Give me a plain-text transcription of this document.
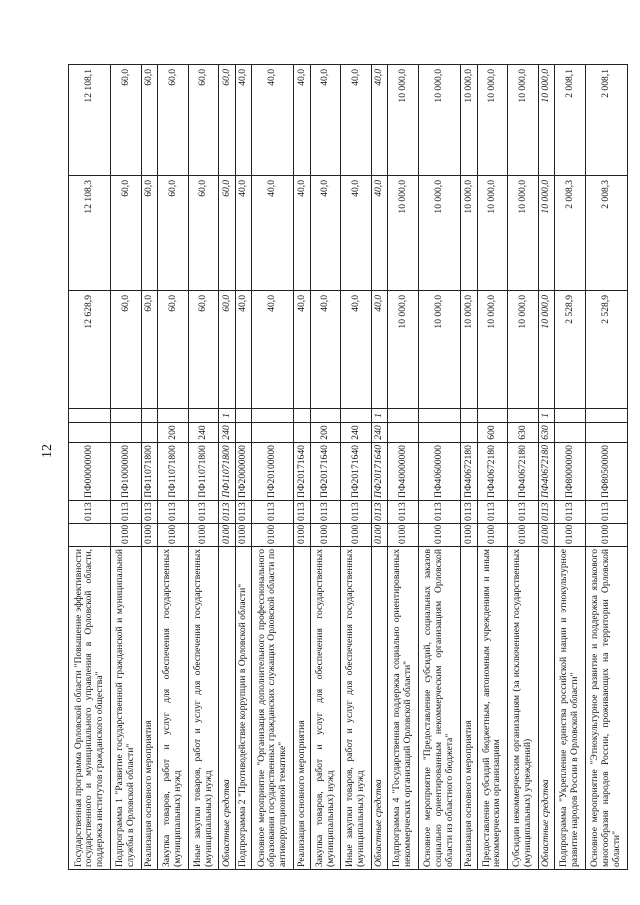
12
Государственная программа Орловской области "Повышение эффективности государственного и муниципального управления в Орловской области, поддержка институтов гражданского общества"		0113	ПФ00000000			12 628,9	12 108,3	12 108,1
Подпрограмма 1 "Развитие государственной гражданской и муниципальной службы в Орловской области"	0100	0113	ПФ10000000			60,0	60,0	60,0
Реализация основного мероприятия	0100	0113	ПФ11071800			60,0	60,0	60,0
Закупка товаров, работ и услуг для обеспечения государственных (муниципальных) нужд	0100	0113	ПФ11071800	200		60,0	60,0	60,0
Иные закупки товаров, работ и услуг для обеспечения государственных (муниципальных) нужд	0100	0113	ПФ11071800	240		60,0	60,0	60,0
Областные средства	0100	0113	ПФ11071800	240	1	60,0	60,0	60,0
Подпрограмма 2 "Противодействие коррупции в Орловской области"	0100	0113	ПФ20000000			40,0	40,0	40,0
Основное мероприятие "Организация дополнительного профессионального образования государственных гражданских служащих Орловской области по антикоррупционной тематике"	0100	0113	ПФ20100000			40,0	40,0	40,0
Реализация основного мероприятия	0100	0113	ПФ20171640			40,0	40,0	40,0
Закупка товаров, работ и услуг для обеспечения государственных (муниципальных) нужд	0100	0113	ПФ20171640	200		40,0	40,0	40,0
Иные закупки товаров, работ и услуг для обеспечения государственных (муниципальных) нужд	0100	0113	ПФ20171640	240		40,0	40,0	40,0
Областные средства	0100	0113	ПФ20171640	240	1	40,0	40,0	40,0
Подпрограмма 4 "Государственная поддержка социально ориентированных некоммерческих организаций Орловской области"	0100	0113	ПФ40000000			10 000,0	10 000,0	10 000,0
Основное мероприятие "Предоставление субсидий, социальных заказов социально ориентированным некоммерческим организациям Орловской области из областного бюджета"	0100	0113	ПФ40600000			10 000,0	10 000,0	10 000,0
Реализация основного мероприятия	0100	0113	ПФ40672180			10 000,0	10 000,0	10 000,0
Предоставление субсидий бюджетным, автономным учреждениям и иным некоммерческим организациям	0100	0113	ПФ40672180	600		10 000,0	10 000,0	10 000,0
Субсидии некоммерческим организациям (за исключением государственных (муниципальных) учреждений)	0100	0113	ПФ40672180	630		10 000,0	10 000,0	10 000,0
Областные средства	0100	0113	ПФ40672180	630	1	10 000,0	10 000,0	10 000,0
Подпрограмма "Укрепление единства российской нации и этнокультурное развитие народов России в Орловской области"	0100	0113	ПФ80000000			2 528,9	2 008,3	2 008,1
Основное мероприятие "Этнокультурное развитие и поддержка языкового многообразия народов России, проживающих на территории Орловской области"	0100	0113	ПФ80500000			2 528,9	2 008,3	2 008,1
